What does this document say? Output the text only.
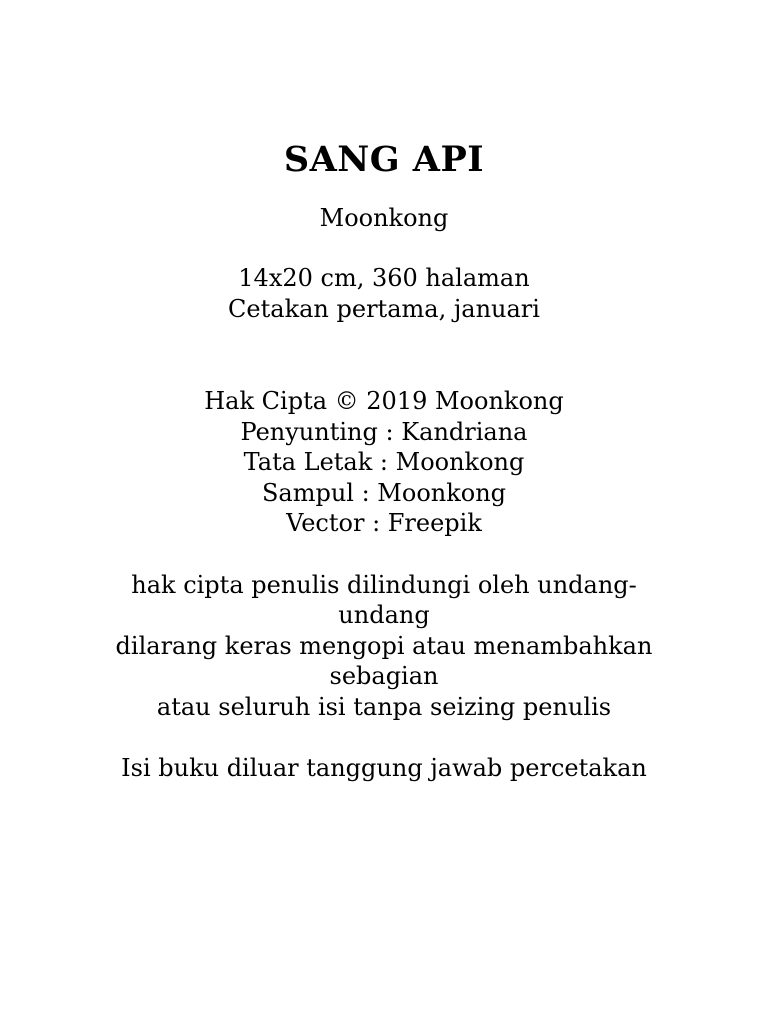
SANG API

Moonkong

14x20 cm, 360 halaman

Cetakan pertama, januari

Hak Cipta © 2019 Moonkong

Penyunting : Kandriana

Tata Letak : Moonkong

Sampul : Moonkong

Vector : Freepik

hak cipta penulis dilindungi oleh undang-

undang

dilarang keras mengopi atau menambahkan

sebagian

atau seluruh isi tanpa seizing penulis

Isi buku diluar tanggung jawab percetakan
